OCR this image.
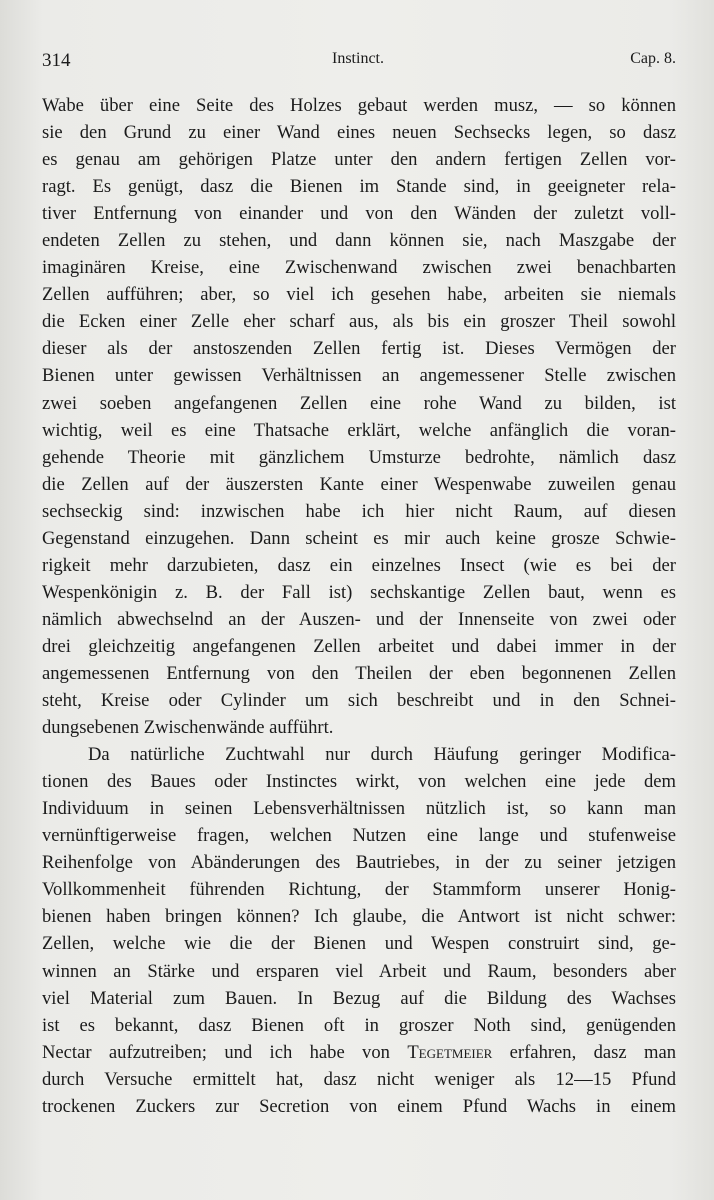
314	Instinct.	Cap. 8.
Wabe über eine Seite des Holzes gebaut werden musz, — so können
sie den Grund zu einer Wand eines neuen Sechsecks legen, so dasz
es genau am gehörigen Platze unter den andern fertigen Zellen vor-
ragt. Es genügt, dasz die Bienen im Stande sind, in geeigneter rela-
tiver Entfernung von einander und von den Wänden der zuletzt voll-
endeten Zellen zu stehen, und dann können sie, nach Maszgabe der
imaginären Kreise, eine Zwischenwand zwischen zwei benachbarten
Zellen aufführen; aber, so viel ich gesehen habe, arbeiten sie niemals
die Ecken einer Zelle eher scharf aus, als bis ein groszer Theil sowohl
dieser als der anstoszenden Zellen fertig ist. Dieses Vermögen der
Bienen unter gewissen Verhältnissen an angemessener Stelle zwischen
zwei soeben angefangenen Zellen eine rohe Wand zu bilden, ist
wichtig, weil es eine Thatsache erklärt, welche anfänglich die voran-
gehende Theorie mit gänzlichem Umsturze bedrohte, nämlich dasz
die Zellen auf der äuszersten Kante einer Wespenwabe zuweilen genau
sechseckig sind: inzwischen habe ich hier nicht Raum, auf diesen
Gegenstand einzugehen. Dann scheint es mir auch keine grosze Schwie-
rigkeit mehr darzubieten, dasz ein einzelnes Insect (wie es bei der
Wespenkönigin z. B. der Fall ist) sechskantige Zellen baut, wenn es
nämlich abwechselnd an der Auszen- und der Innenseite von zwei oder
drei gleichzeitig angefangenen Zellen arbeitet und dabei immer in der
angemessenen Entfernung von den Theilen der eben begonnenen Zellen
steht, Kreise oder Cylinder um sich beschreibt und in den Schnei-
dungsebenen Zwischenwände aufführt.
Da natürliche Zuchtwahl nur durch Häufung geringer Modifica-
tionen des Baues oder Instinctes wirkt, von welchen eine jede dem
Individuum in seinen Lebensverhältnissen nützlich ist, so kann man
vernünftigerweise fragen, welchen Nutzen eine lange und stufenweise
Reihenfolge von Abänderungen des Bautriebes, in der zu seiner jetzigen
Vollkommenheit führenden Richtung, der Stammform unserer Honig-
bienen haben bringen können? Ich glaube, die Antwort ist nicht schwer:
Zellen, welche wie die der Bienen und Wespen construirt sind, ge-
winnen an Stärke und ersparen viel Arbeit und Raum, besonders aber
viel Material zum Bauen. In Bezug auf die Bildung des Wachses
ist es bekannt, dasz Bienen oft in groszer Noth sind, genügenden
Nectar aufzutreiben; und ich habe von Tegetmeier erfahren, dasz man
durch Versuche ermittelt hat, dasz nicht weniger als 12—15 Pfund
trockenen Zuckers zur Secretion von einem Pfund Wachs in einem
